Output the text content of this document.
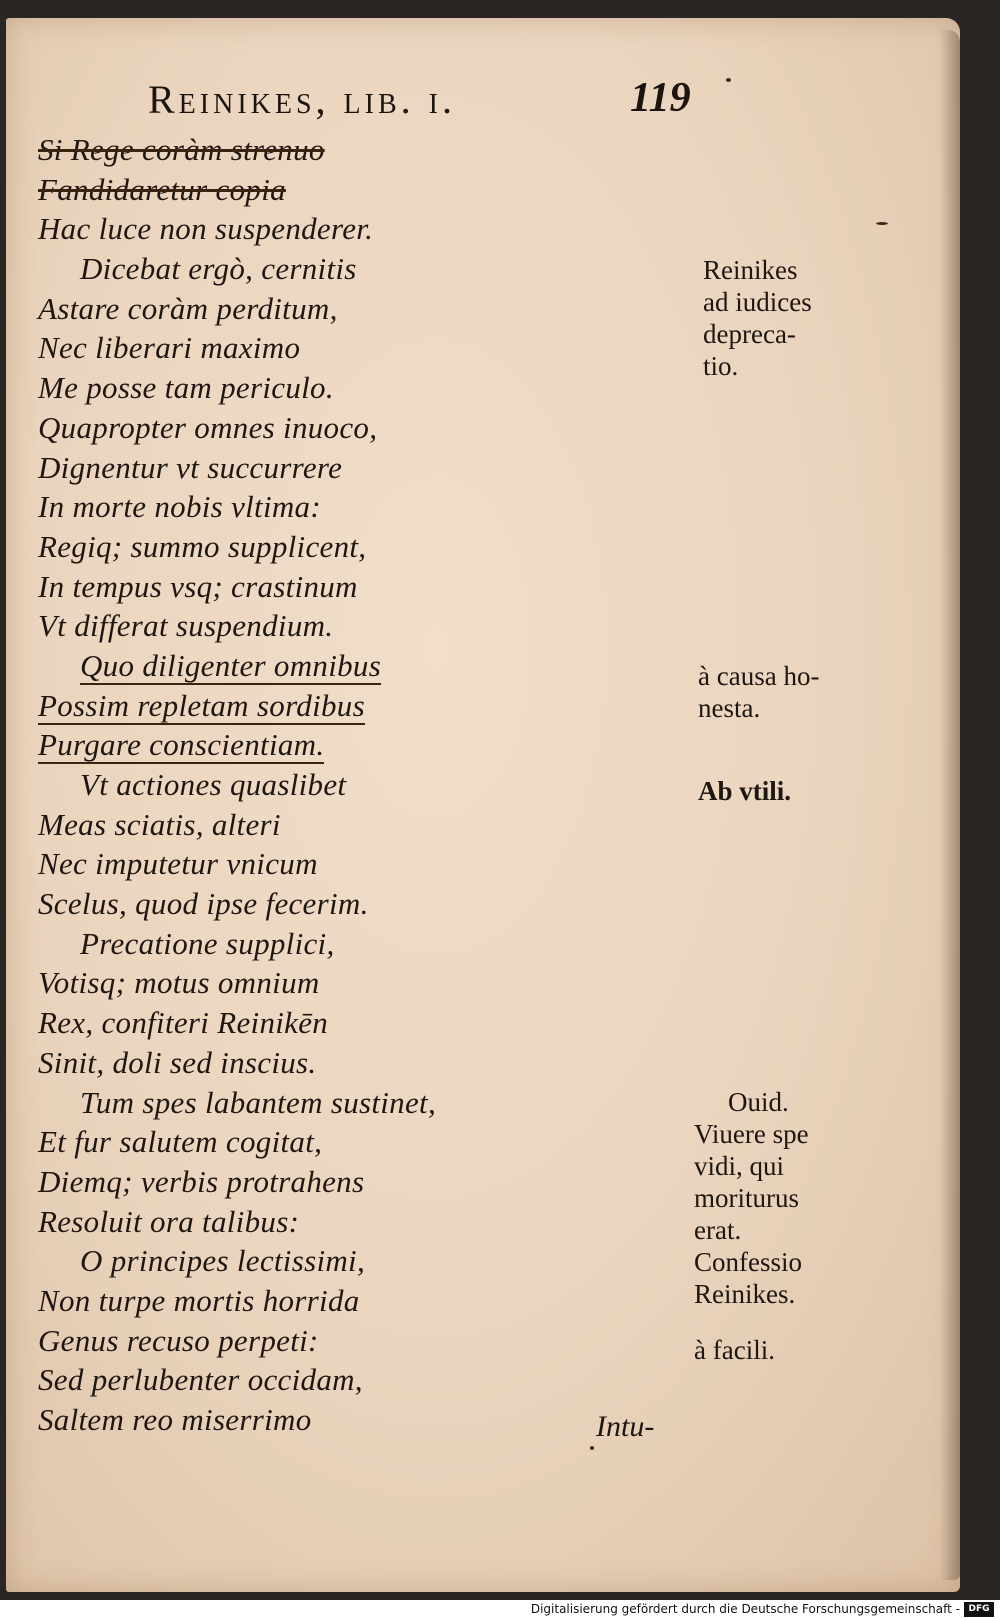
Reinikes, lib. i.	119
Si Rege coràm strenuo
Fandidaretur copia
Hac luce non suspenderer.
Dicebat ergò, cernitis
Astare coràm perditum,
Nec liberari maximo
Me posse tam periculo.
Quapropter omnes inuoco,
Dignentur vt succurrere
In morte nobis vltima:
Regiq; summo supplicent,
In tempus vsq; crastinum
Vt differat suspendium.
Quo diligenter omnibus
Possim repletam sordibus
Purgare conscientiam.
Vt actiones quaslibet
Meas sciatis, alteri
Nec imputetur vnicum
Scelus, quod ipse fecerim.
Precatione supplici,
Votisq; motus omnium
Rex, confiteri Reinikēn
Sinit, doli sed inscius.
Tum spes labantem sustinet,
Et fur salutem cogitat,
Diemq; verbis protrahens
Resoluit ora talibus:
O principes lectissimi,
Non turpe mortis horrida
Genus recuso perpeti:
Sed perlubenter occidam,
Saltem reo miserrimo
Reinikes
ad iudices
depreca-
tio.
à causa ho-
nesta.
Ab vtili.
Ouid.
Viuere spe
vidi, qui
moriturus
erat.
Confessio
Reinikes.
à facili.
Intu-
Digitalisierung gefördert durch die Deutsche Forschungsgemeinschaft - DFG
